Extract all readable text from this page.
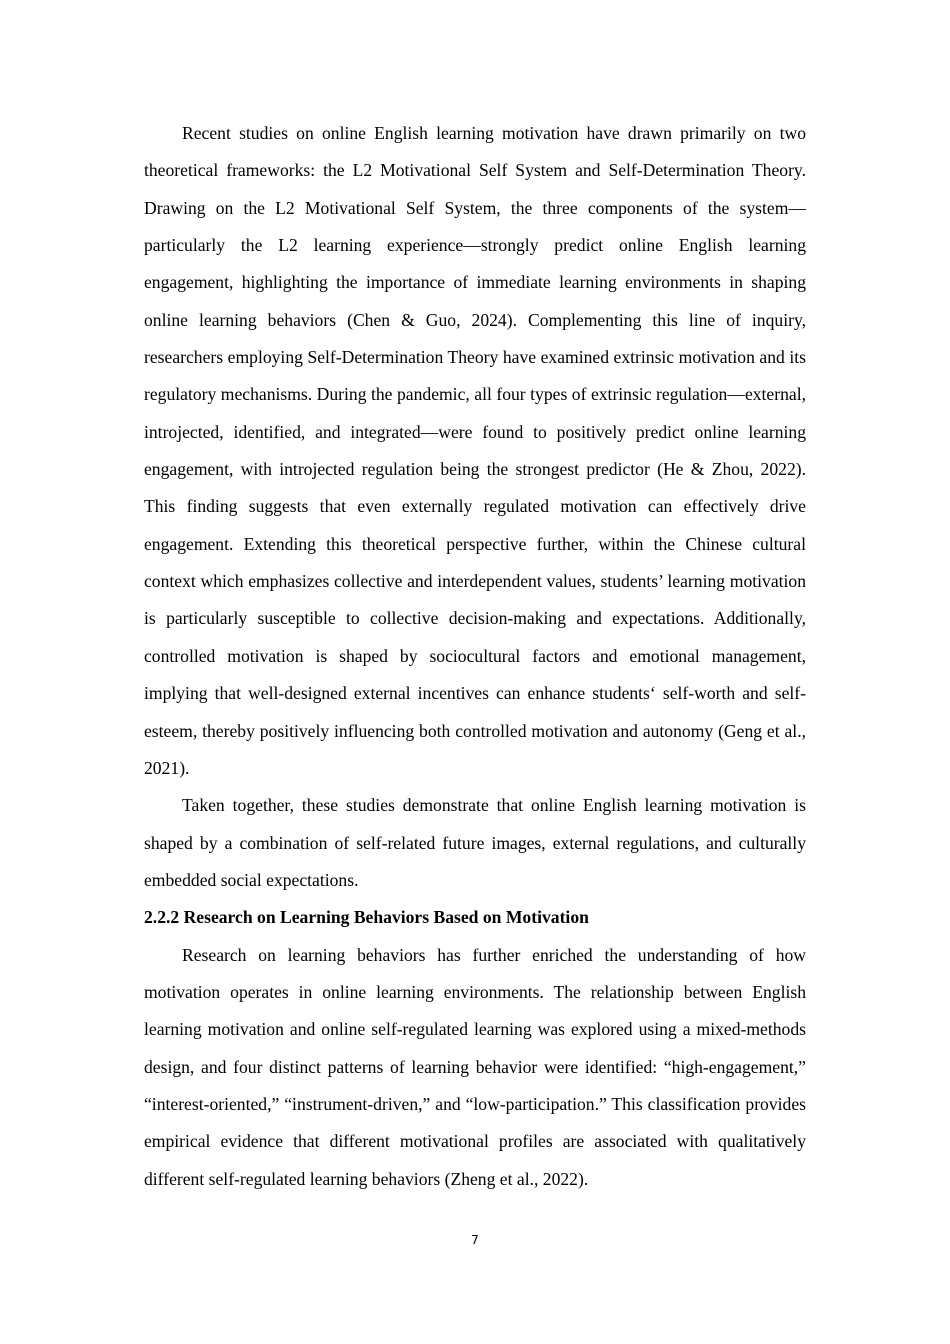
Recent studies on online English learning motivation have drawn primarily on two theoretical frameworks: the L2 Motivational Self System and Self-Determination Theory. Drawing on the L2 Motivational Self System, the three components of the system—particularly the L2 learning experience—strongly predict online English learning engagement, highlighting the importance of immediate learning environments in shaping online learning behaviors (Chen & Guo, 2024). Complementing this line of inquiry, researchers employing Self-Determination Theory have examined extrinsic motivation and its regulatory mechanisms. During the pandemic, all four types of extrinsic regulation—external, introjected, identified, and integrated—were found to positively predict online learning engagement, with introjected regulation being the strongest predictor (He & Zhou, 2022). This finding suggests that even externally regulated motivation can effectively drive engagement. Extending this theoretical perspective further, within the Chinese cultural context which emphasizes collective and interdependent values, students’ learning motivation is particularly susceptible to collective decision-making and expectations. Additionally, controlled motivation is shaped by sociocultural factors and emotional management, implying that well-designed external incentives can enhance students‘ self-worth and self-esteem, thereby positively influencing both controlled motivation and autonomy (Geng et al., 2021).

Taken together, these studies demonstrate that online English learning motivation is shaped by a combination of self-related future images, external regulations, and culturally embedded social expectations.

2.2.2 Research on Learning Behaviors Based on Motivation

Research on learning behaviors has further enriched the understanding of how motivation operates in online learning environments. The relationship between English learning motivation and online self-regulated learning was explored using a mixed-methods design, and four distinct patterns of learning behavior were identified: “high-engagement,” “interest-oriented,” “instrument-driven,” and “low-participation.” This classification provides empirical evidence that different motivational profiles are associated with qualitatively different self-regulated learning behaviors (Zheng et al., 2022).

7
